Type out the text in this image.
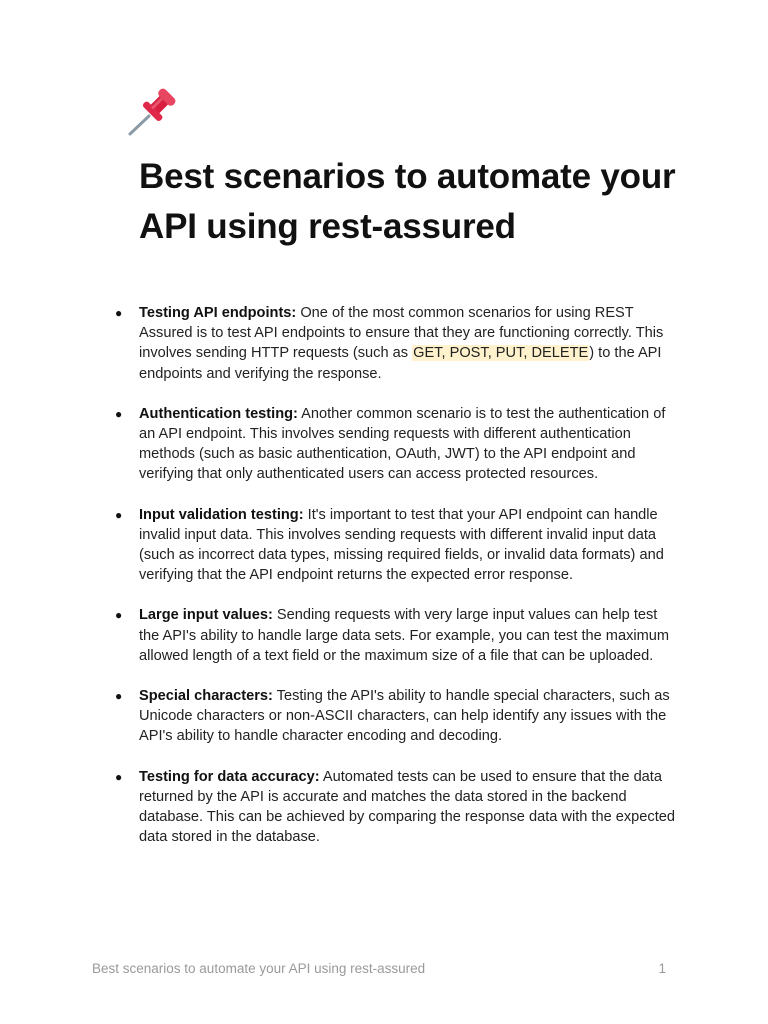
Best scenarios to automate your API using rest-assured
● Testing API endpoints: One of the most common scenarios for using REST Assured is to test API endpoints to ensure that they are functioning correctly. This involves sending HTTP requests (such as GET, POST, PUT, DELETE) to the API endpoints and verifying the response.
● Authentication testing: Another common scenario is to test the authentication of an API endpoint. This involves sending requests with different authentication methods (such as basic authentication, OAuth, JWT) to the API endpoint and verifying that only authenticated users can access protected resources.
● Input validation testing: It's important to test that your API endpoint can handle invalid input data. This involves sending requests with different invalid input data (such as incorrect data types, missing required fields, or invalid data formats) and verifying that the API endpoint returns the expected error response.
● Large input values: Sending requests with very large input values can help test the API's ability to handle large data sets. For example, you can test the maximum allowed length of a text field or the maximum size of a file that can be uploaded.
● Special characters: Testing the API's ability to handle special characters, such as Unicode characters or non-ASCII characters, can help identify any issues with the API's ability to handle character encoding and decoding.
● Testing for data accuracy: Automated tests can be used to ensure that the data returned by the API is accurate and matches the data stored in the backend database. This can be achieved by comparing the response data with the expected data stored in the database.
Best scenarios to automate your API using rest-assured	1
